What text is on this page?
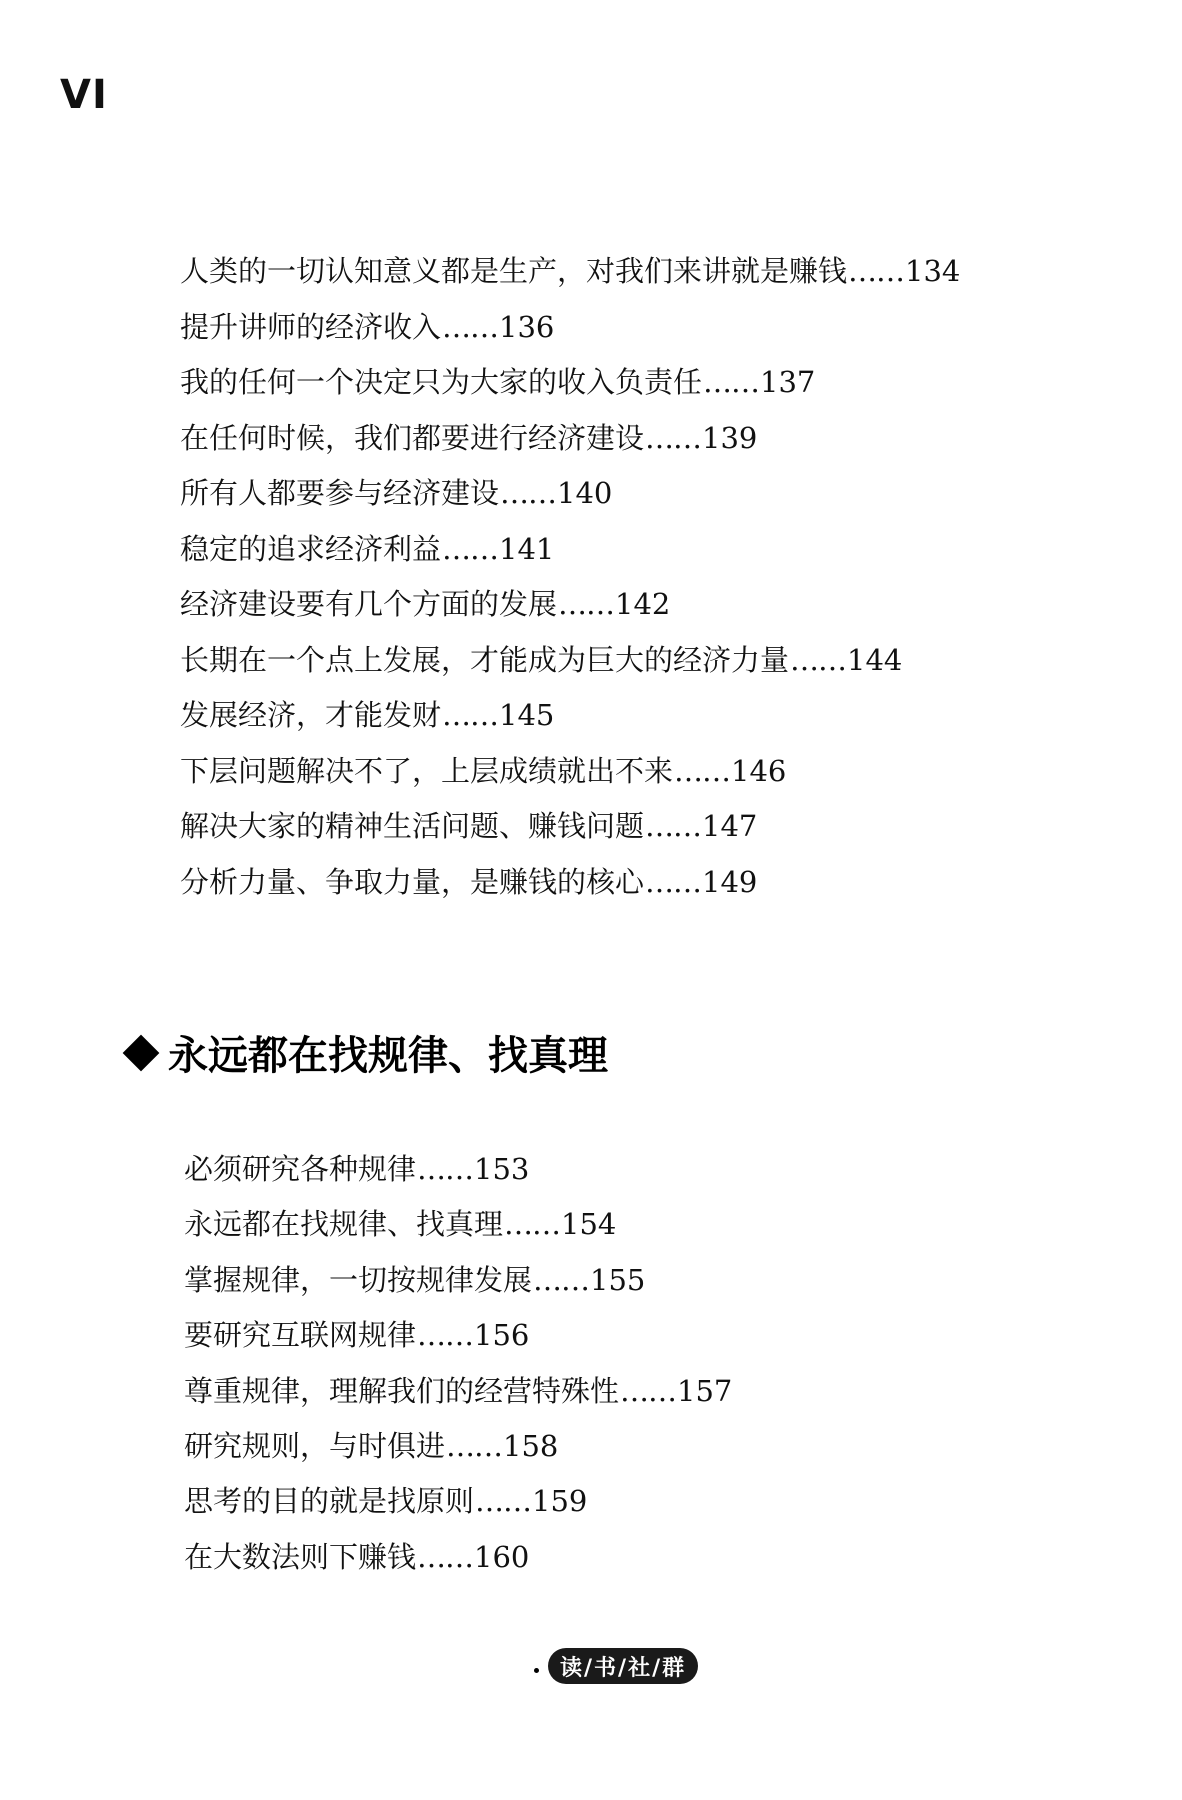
VI
人类的一切认知意义都是生产，对我们来讲就是赚钱……134
提升讲师的经济收入……136
我的任何一个决定只为大家的收入负责任……137
在任何时候，我们都要进行经济建设……139
所有人都要参与经济建设……140
稳定的追求经济利益……141
经济建设要有几个方面的发展……142
长期在一个点上发展，才能成为巨大的经济力量……144
发展经济，才能发财……145
下层问题解决不了，上层成绩就出不来……146
解决大家的精神生活问题、赚钱问题……147
分析力量、争取力量，是赚钱的核心……149
永远都在找规律、找真理
必须研究各种规律……153
永远都在找规律、找真理……154
掌握规律，一切按规律发展……155
要研究互联网规律……156
尊重规律，理解我们的经营特殊性……157
研究规则，与时俱进……158
思考的目的就是找原则……159
在大数法则下赚钱……160
读/书/社/群
